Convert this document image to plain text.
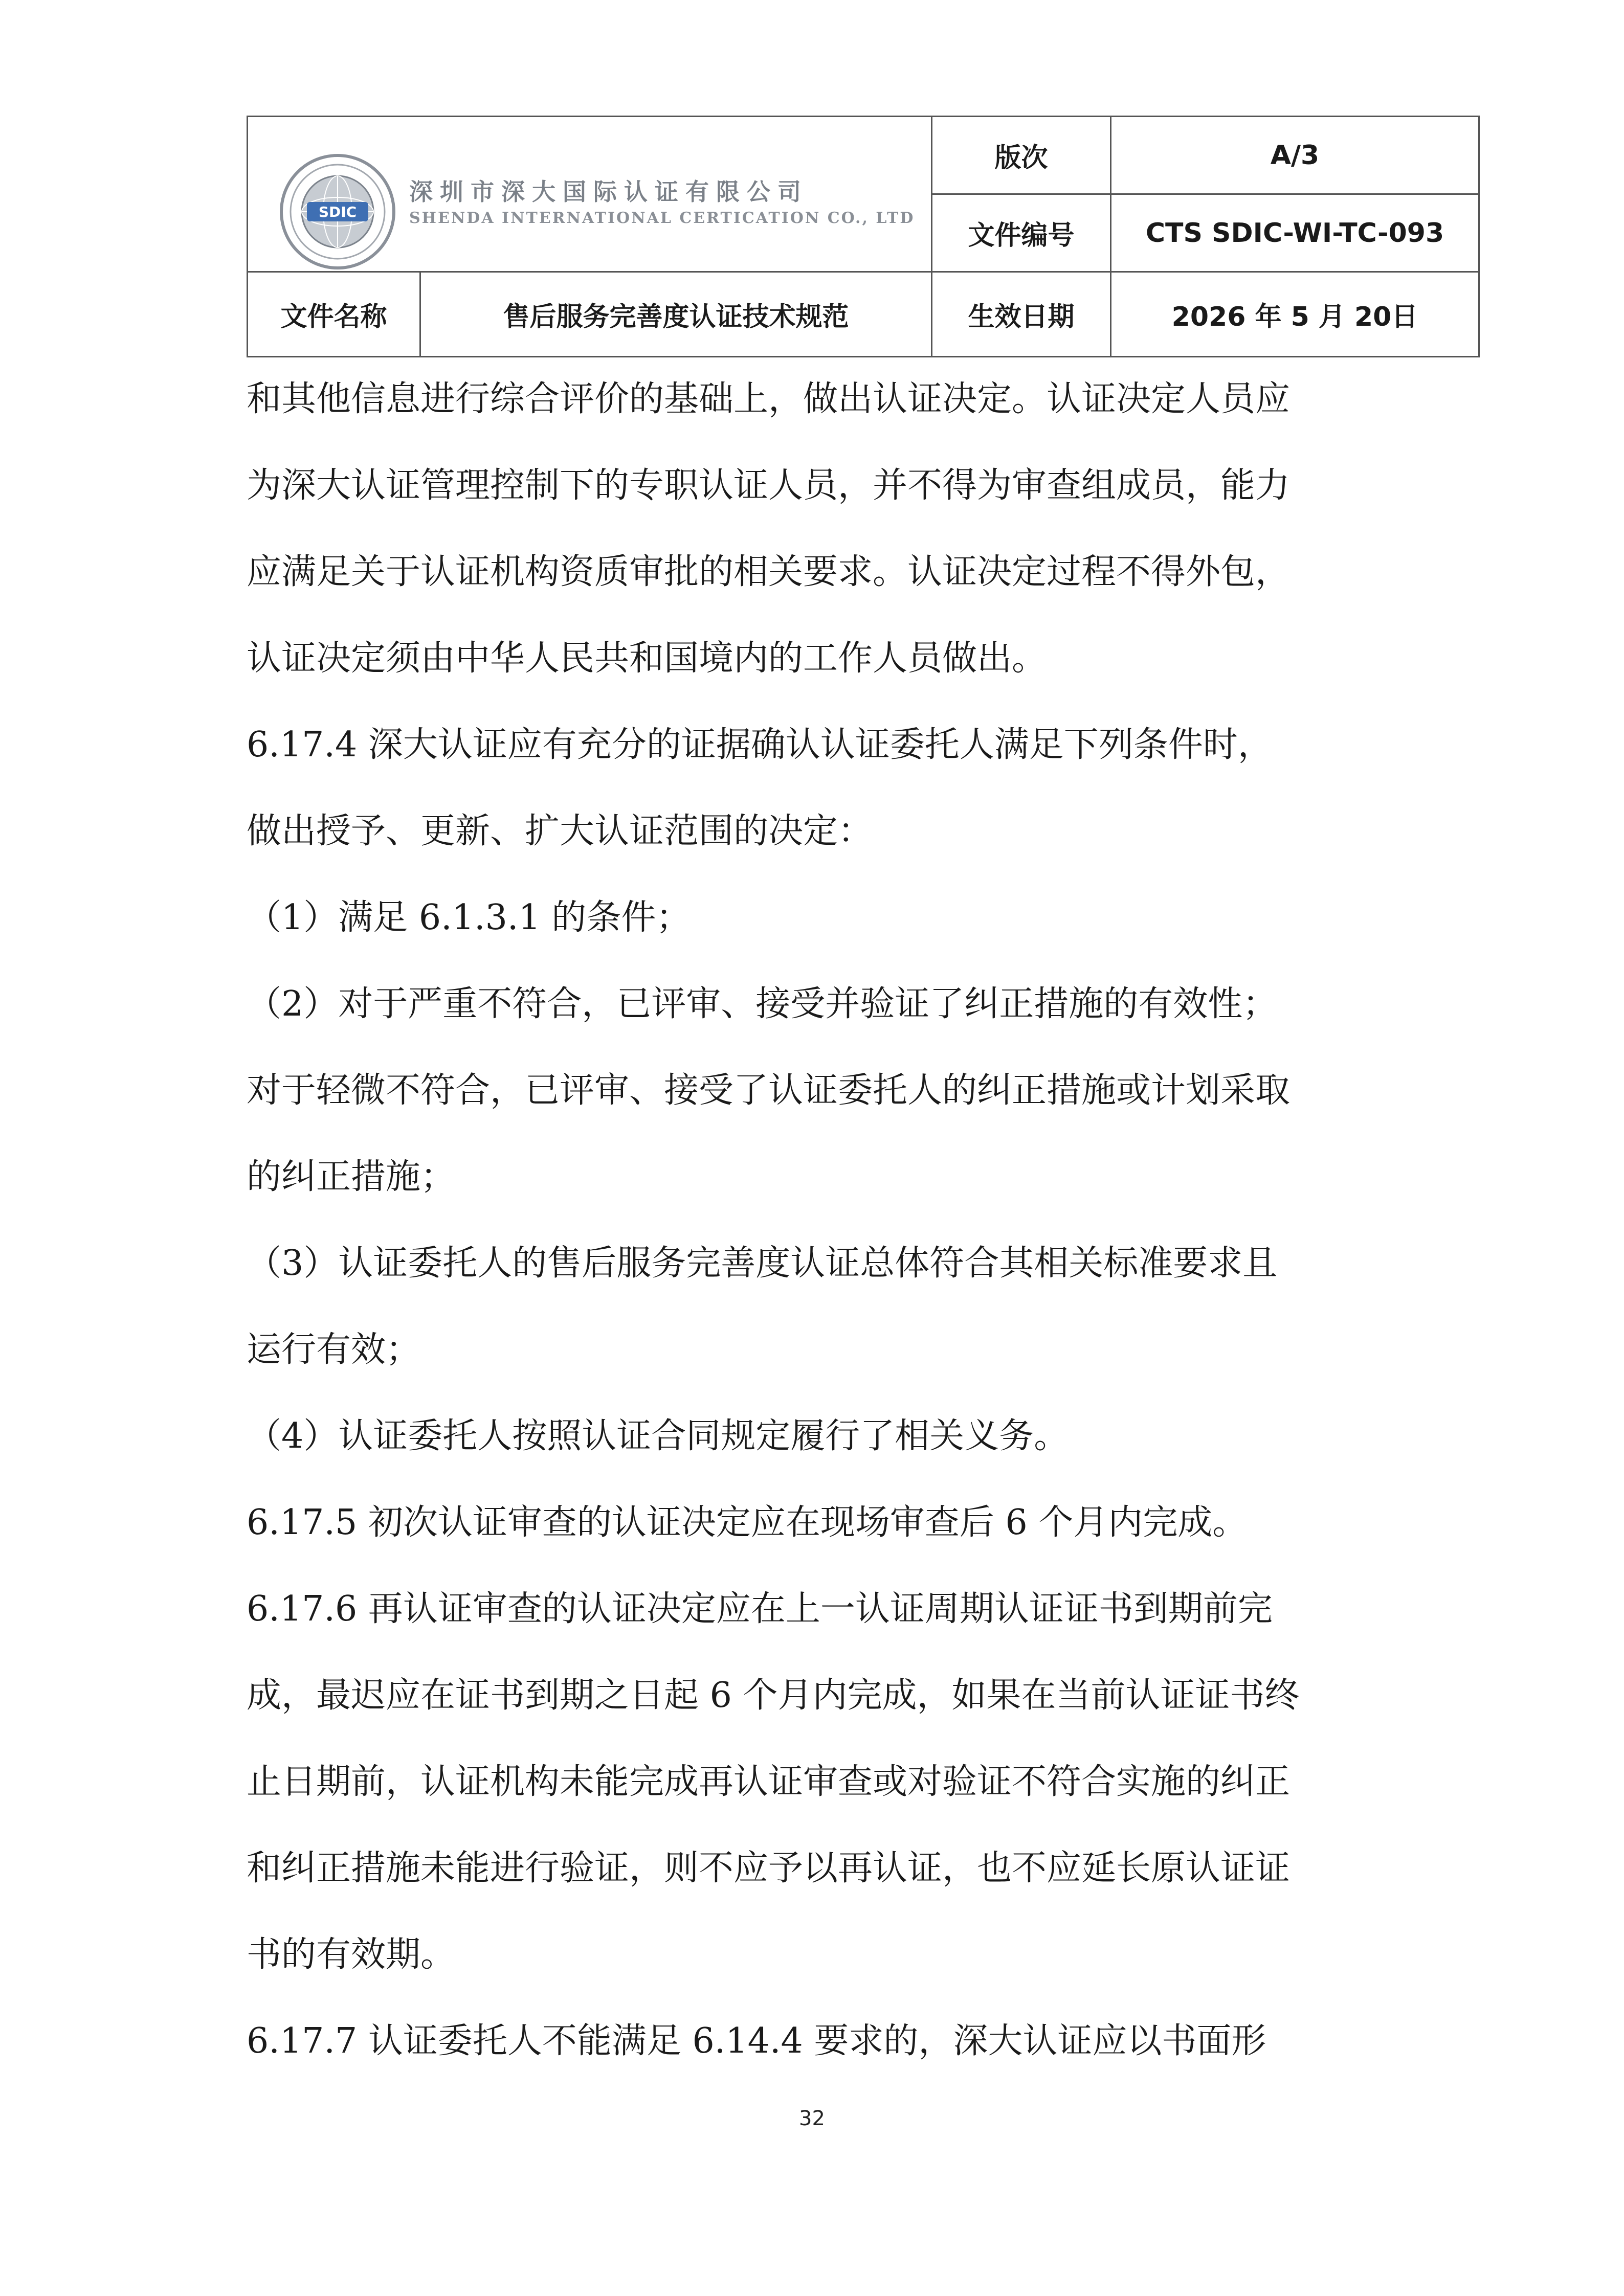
SDIC
深圳市深大国际认证有限公司
SHENDA INTERNATIONAL CERTICATION CO., LTD		版次	A/3
		文件编号	CTS SDIC-WI-TC-093
文件名称	售后服务完善度认证技术规范	生效日期	2026 年 5 月 20日

和其他信息进行综合评价的基础上，做出认证决定。认证决定人员应

为深大认证管理控制下的专职认证人员，并不得为审查组成员，能力

应满足关于认证机构资质审批的相关要求。认证决定过程不得外包，

认证决定须由中华人民共和国境内的工作人员做出。

6.17.4 深大认证应有充分的证据确认认证委托人满足下列条件时，

做出授予、更新、扩大认证范围的决定：

（1）满足 6.1.3.1 的条件；

（2）对于严重不符合，已评审、接受并验证了纠正措施的有效性；

对于轻微不符合，已评审、接受了认证委托人的纠正措施或计划采取

的纠正措施；

（3）认证委托人的售后服务完善度认证总体符合其相关标准要求且

运行有效；

（4）认证委托人按照认证合同规定履行了相关义务。

6.17.5 初次认证审查的认证决定应在现场审查后 6 个月内完成。

6.17.6 再认证审查的认证决定应在上一认证周期认证证书到期前完

成，最迟应在证书到期之日起 6 个月内完成，如果在当前认证证书终

止日期前，认证机构未能完成再认证审查或对验证不符合实施的纠正

和纠正措施未能进行验证，则不应予以再认证，也不应延长原认证证

书的有效期。

6.17.7 认证委托人不能满足 6.14.4 要求的，深大认证应以书面形

32
